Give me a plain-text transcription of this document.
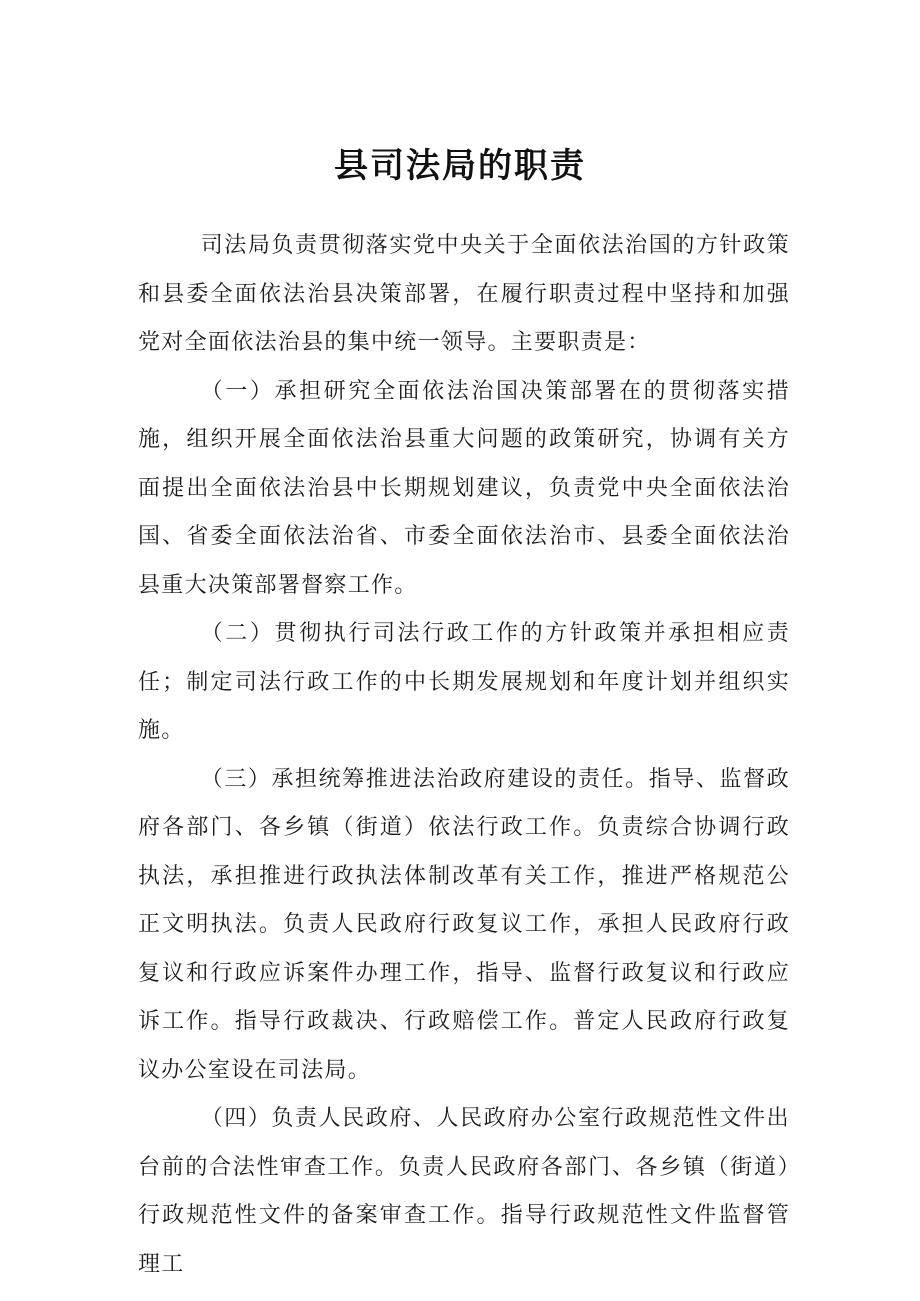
县司法局的职责

司法局负责贯彻落实党中央关于全面依法治国的方针政策和县委全面依法治县决策部署，在履行职责过程中坚持和加强党对全面依法治县的集中统一领导。主要职责是：

（一）承担研究全面依法治国决策部署在的贯彻落实措施，组织开展全面依法治县重大问题的政策研究，协调有关方面提出全面依法治县中长期规划建议，负责党中央全面依法治国、省委全面依法治省、市委全面依法治市、县委全面依法治县重大决策部署督察工作。

（二）贯彻执行司法行政工作的方针政策并承担相应责任；制定司法行政工作的中长期发展规划和年度计划并组织实施。

（三）承担统筹推进法治政府建设的责任。指导、监督政府各部门、各乡镇（街道）依法行政工作。负责综合协调行政执法，承担推进行政执法体制改革有关工作，推进严格规范公正文明执法。负责人民政府行政复议工作，承担人民政府行政复议和行政应诉案件办理工作，指导、监督行政复议和行政应诉工作。指导行政裁决、行政赔偿工作。普定人民政府行政复议办公室设在司法局。

（四）负责人民政府、人民政府办公室行政规范性文件出台前的合法性审查工作。负责人民政府各部门、各乡镇（街道）行政规范性文件的备案审查工作。指导行政规范性文件监督管理工
